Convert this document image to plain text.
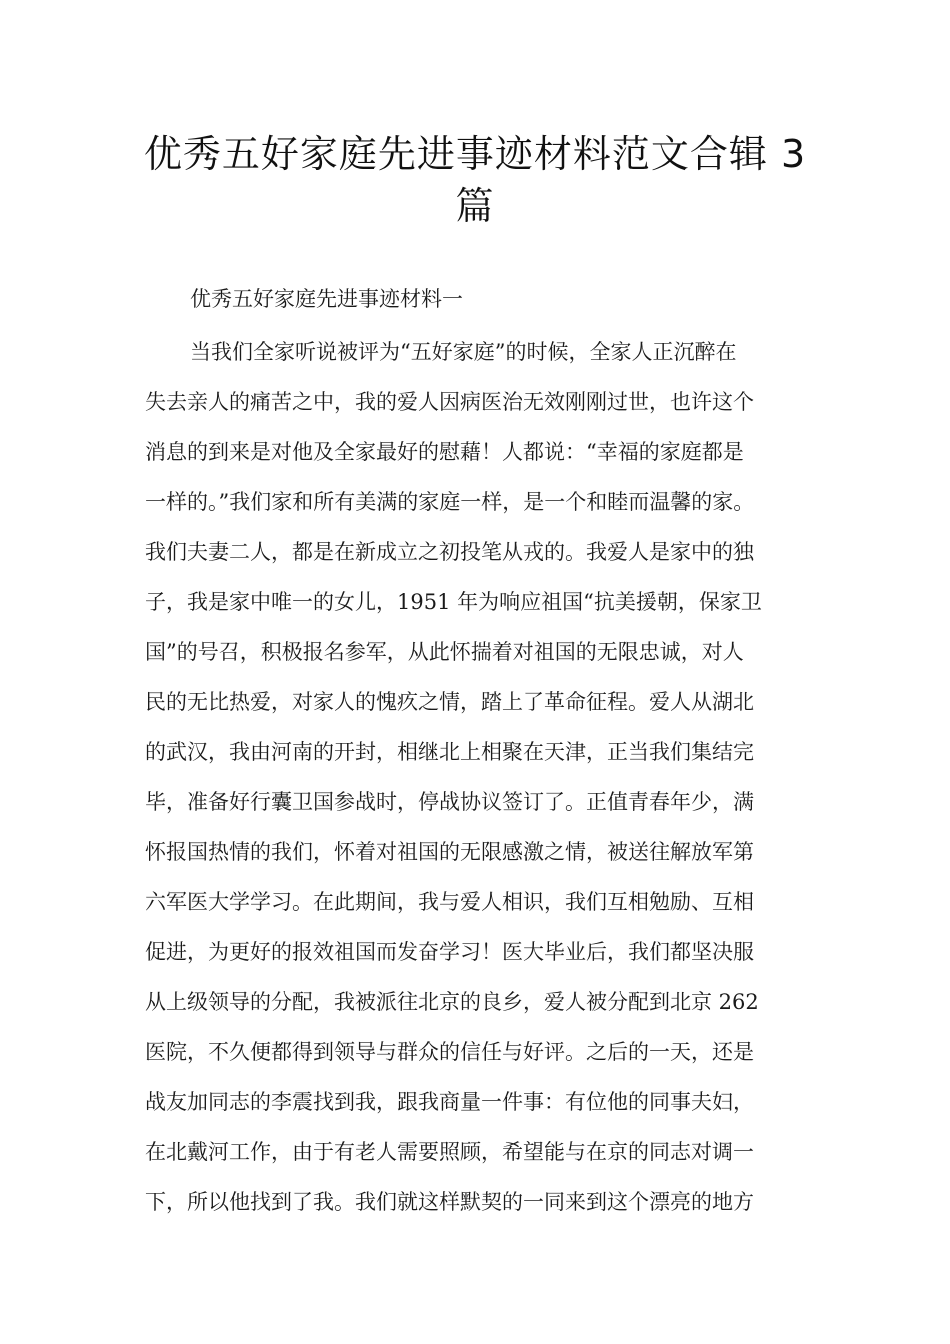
优秀五好家庭先进事迹材料范文合辑 3
篇

优秀五好家庭先进事迹材料一

当我们全家听说被评为“五好家庭”的时候，全家人正沉醉在
失去亲人的痛苦之中，我的爱人因病医治无效刚刚过世，也许这个
消息的到来是对他及全家最好的慰藉！人都说：“幸福的家庭都是
一样的。”我们家和所有美满的家庭一样，是一个和睦而温馨的家。
我们夫妻二人，都是在新成立之初投笔从戎的。我爱人是家中的独
子，我是家中唯一的女儿，1951 年为响应祖国“抗美援朝，保家卫
国”的号召，积极报名参军，从此怀揣着对祖国的无限忠诚，对人
民的无比热爱，对家人的愧疚之情，踏上了革命征程。爱人从湖北
的武汉，我由河南的开封，相继北上相聚在天津，正当我们集结完
毕，准备好行囊卫国参战时，停战协议签订了。正值青春年少，满
怀报国热情的我们，怀着对祖国的无限感激之情，被送往解放军第
六军医大学学习。在此期间，我与爱人相识，我们互相勉励、互相
促进，为更好的报效祖国而发奋学习！医大毕业后，我们都坚决服
从上级领导的分配，我被派往北京的良乡，爱人被分配到北京 262
医院，不久便都得到领导与群众的信任与好评。之后的一天，还是
战友加同志的李震找到我，跟我商量一件事：有位他的同事夫妇，
在北戴河工作，由于有老人需要照顾，希望能与在京的同志对调一
下，所以他找到了我。我们就这样默契的一同来到这个漂亮的地方
